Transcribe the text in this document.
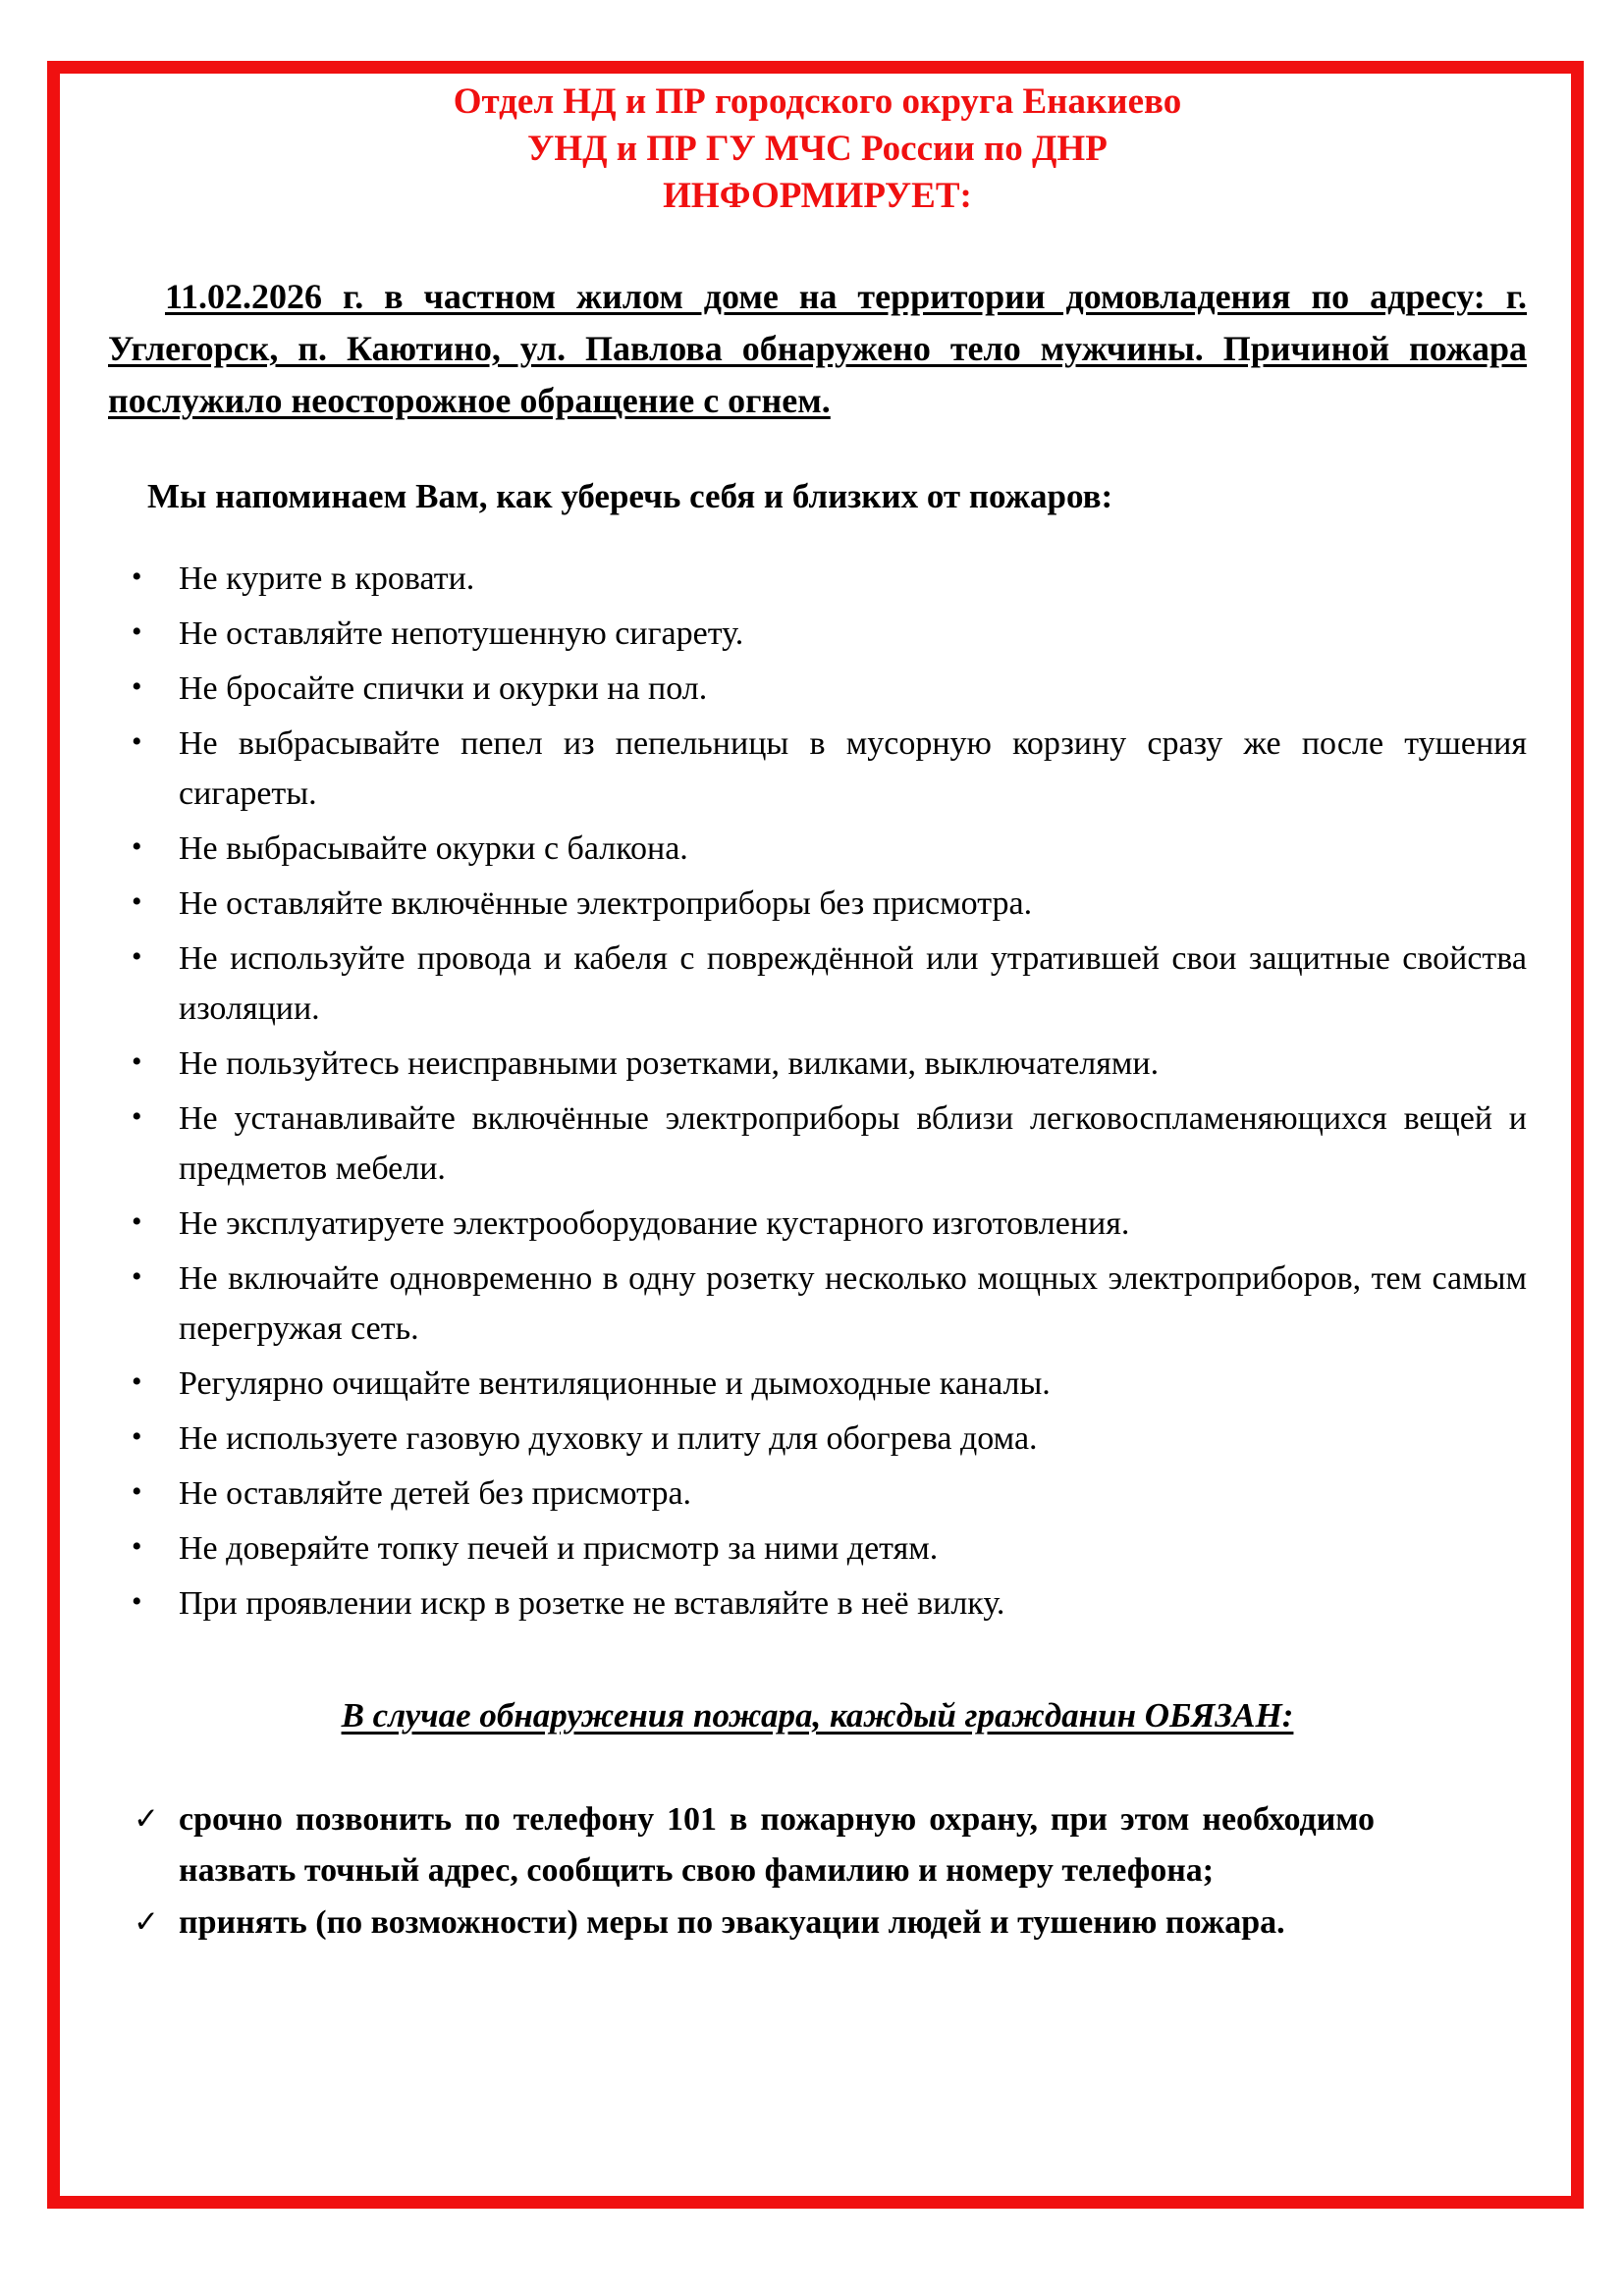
Отдел НД и ПР городского округа Енакиево
УНД и ПР ГУ МЧС России по ДНР
ИНФОРМИРУЕТ:

11.02.2026 г. в частном жилом доме на территории домовладения по адресу: г. Углегорск, п. Каютино, ул. Павлова обнаружено тело мужчины. Причиной пожара послужило неосторожное обращение с огнем.

Мы напоминаем Вам, как уберечь себя и близких от пожаров:

• Не курите в кровати.
• Не оставляйте непотушенную сигарету.
• Не бросайте спички и окурки на пол.
• Не выбрасывайте пепел из пепельницы в мусорную корзину сразу же после тушения сигареты.
• Не выбрасывайте окурки с балкона.
• Не оставляйте включённые электроприборы без присмотра.
• Не используйте провода и кабеля с повреждённой или утратившей свои защитные свойства изоляции.
• Не пользуйтесь неисправными розетками, вилками, выключателями.
• Не устанавливайте включённые электроприборы вблизи легковоспламеняющихся вещей и предметов мебели.
• Не эксплуатируете электрооборудование кустарного изготовления.
• Не включайте одновременно в одну розетку несколько мощных электроприборов, тем самым перегружая сеть.
• Регулярно очищайте вентиляционные и дымоходные каналы.
• Не используете газовую духовку и плиту для обогрева дома.
• Не оставляйте детей без присмотра.
• Не доверяйте топку печей и присмотр за ними детям.
• При проявлении искр в розетке не вставляйте в неё вилку.

В случае обнаружения пожара, каждый гражданин ОБЯЗАН:

✓ срочно позвонить по телефону 101 в пожарную охрану, при этом необходимо назвать точный адрес, сообщить свою фамилию и номеру телефона;
✓ принять (по возможности) меры по эвакуации людей и тушению пожара.
